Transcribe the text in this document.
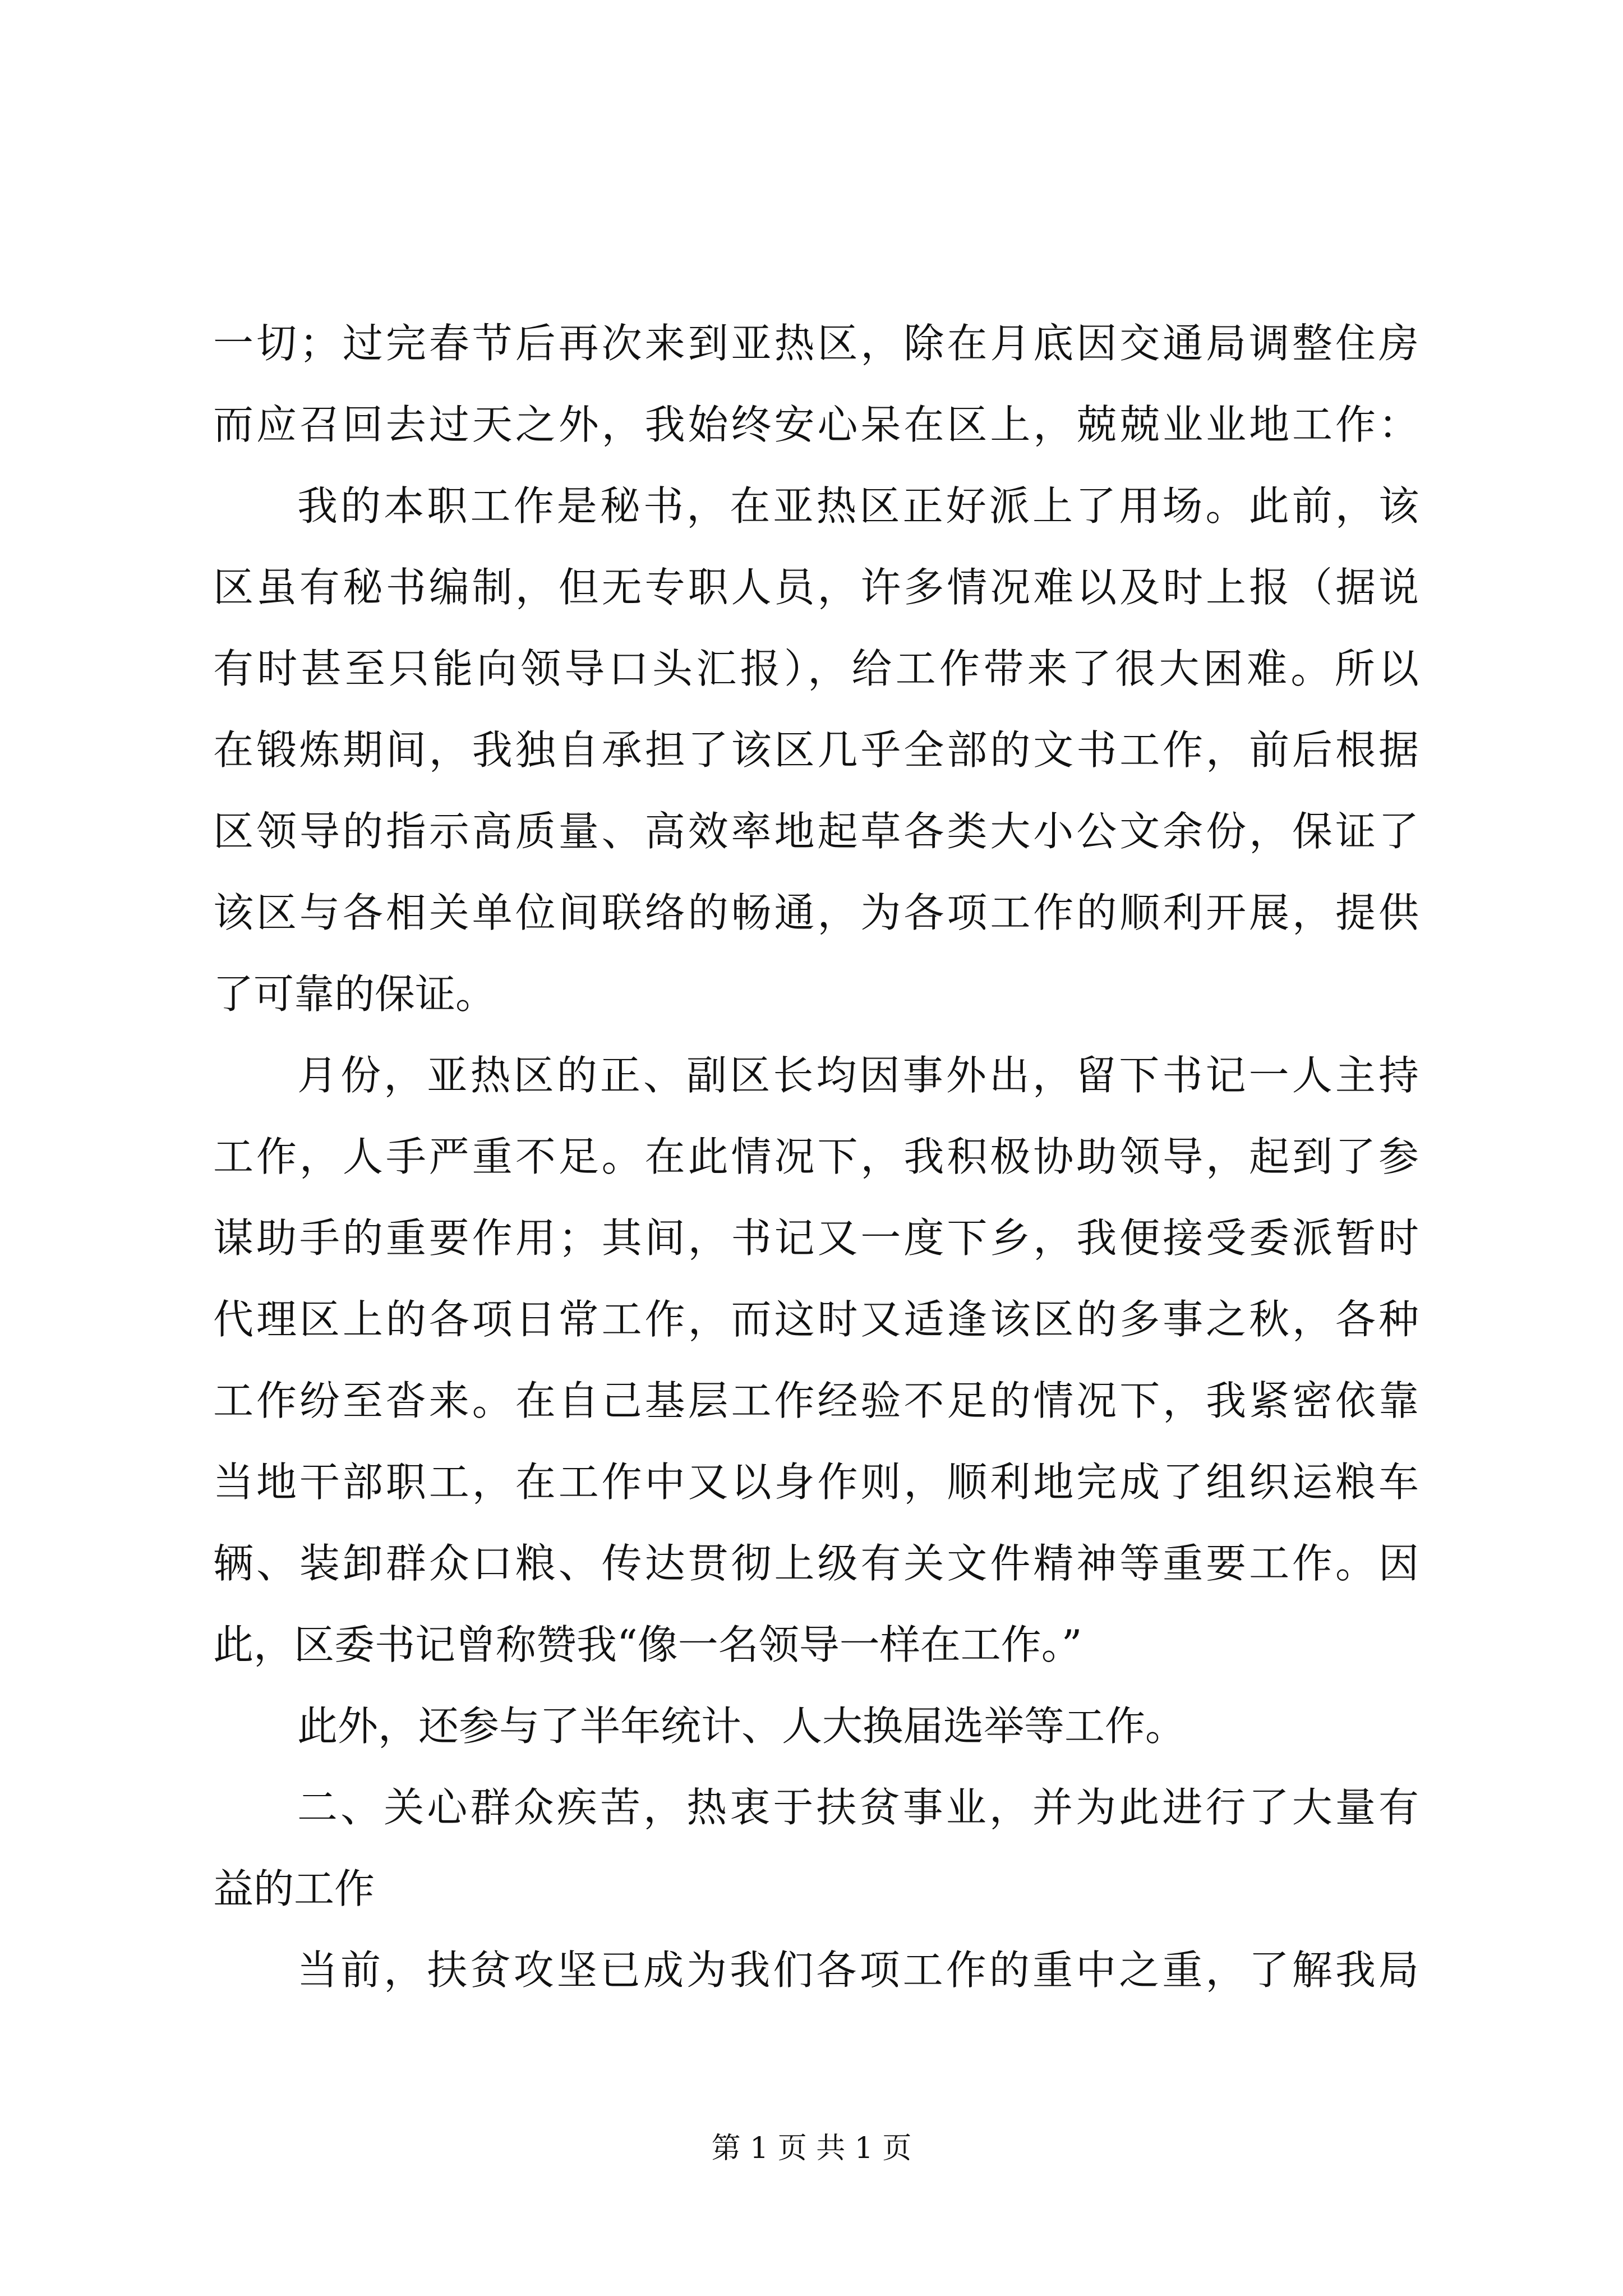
一切；过完春节后再次来到亚热区，除在月底因交通局调整住房
而应召回去过天之外，我始终安心呆在区上，兢兢业业地工作：
我的本职工作是秘书，在亚热区正好派上了用场。此前，该
区虽有秘书编制，但无专职人员，许多情况难以及时上报（据说
有时甚至只能向领导口头汇报），给工作带来了很大困难。所以
在锻炼期间，我独自承担了该区几乎全部的文书工作，前后根据
区领导的指示高质量、高效率地起草各类大小公文余份，保证了
该区与各相关单位间联络的畅通，为各项工作的顺利开展，提供
了可靠的保证。
月份，亚热区的正、副区长均因事外出，留下书记一人主持
工作，人手严重不足。在此情况下，我积极协助领导，起到了参
谋助手的重要作用；其间，书记又一度下乡，我便接受委派暂时
代理区上的各项日常工作，而这时又适逢该区的多事之秋，各种
工作纷至沓来。在自己基层工作经验不足的情况下，我紧密依靠
当地干部职工，在工作中又以身作则，顺利地完成了组织运粮车
辆、装卸群众口粮、传达贯彻上级有关文件精神等重要工作。因
此，区委书记曾称赞我“像一名领导一样在工作。”
此外，还参与了半年统计、人大换届选举等工作。
二、关心群众疾苦，热衷于扶贫事业，并为此进行了大量有
益的工作
当前，扶贫攻坚已成为我们各项工作的重中之重，了解我局
第 1 页 共 1 页
